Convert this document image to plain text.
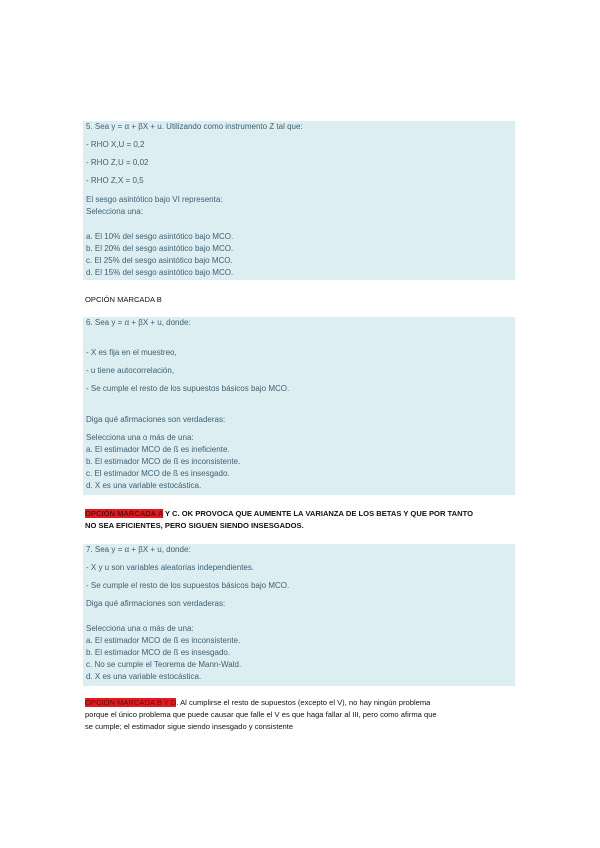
5. Sea y = α + βX + u. Utilizando como instrumento Z tal que:
- RHO X,U = 0,2
- RHO Z,U = 0,02
- RHO Z,X = 0,5
El sesgo asintótico bajo VI representa:
Selecciona una:
a. El 10% del sesgo asintótico bajo MCO.
b. El 20% del sesgo asintótico bajo MCO.
c. El 25% del sesgo asintótico bajo MCO.
d. El 15% del sesgo asintótico bajo MCO.
OPCIÓN MARCADA B
6. Sea y = α + βX + u, donde:
- X es fija en el muestreo,
- u tiene autocorrelación,
- Se cumple el resto de los supuestos básicos bajo MCO.
Diga qué afirmaciones son verdaderas:
Selecciona una o más de una:
a. El estimador MCO de ß es ineficiente.
b. El estimador MCO de ß es inconsistente.
c. El estimador MCO de ß es insesgado.
d. X es una variable estocástica.
OPCIÓN MARCADA A Y C. OK PROVOCA QUE AUMENTE LA VARIANZA DE LOS BETAS Y QUE POR TANTO
NO SEA EFICIENTES, PERO SIGUEN SIENDO INSESGADOS.
7. Sea y = α + βX + u, donde:
- X y u son variables aleatorias independientes.
- Se cumple el resto de los supuestos básicos bajo MCO.
Diga qué afirmaciones son verdaderas:
Selecciona una o más de una:
a. El estimador MCO de ß es inconsistente.
b. El estimador MCO de ß es insesgado.
c. No se cumple el Teorema de Mann-Wald.
d. X es una variable estocástica.
OPCIÓN MARCADA B Y D. Al cumplirse el resto de supuestos (excepto el V), no hay ningún problema
porque el único problema que puede causar que falle el V es que haga fallar al III, pero como afirma que
se cumple; el estimador sigue siendo insesgado y consistente
